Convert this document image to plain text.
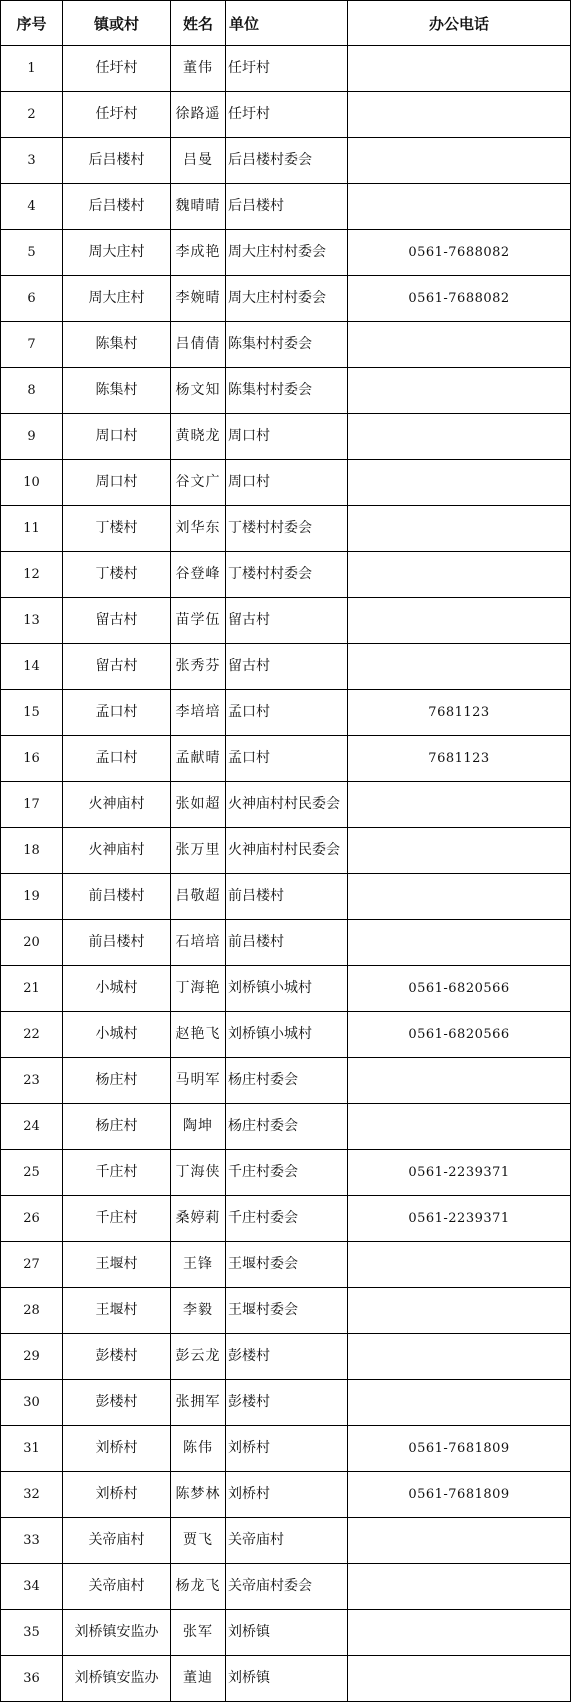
序号	镇或村	姓名	单位	办公电话
1	任圩村	董伟	任圩村	
2	任圩村	徐路遥	任圩村	
3	后吕楼村	吕曼	后吕楼村委会	
4	后吕楼村	魏晴晴	后吕楼村	
5	周大庄村	李成艳	周大庄村村委会	0561-7688082
6	周大庄村	李婉晴	周大庄村村委会	0561-7688082
7	陈集村	吕倩倩	陈集村村委会	
8	陈集村	杨文知	陈集村村委会	
9	周口村	黄晓龙	周口村	
10	周口村	谷文广	周口村	
11	丁楼村	刘华东	丁楼村村委会	
12	丁楼村	谷登峰	丁楼村村委会	
13	留古村	苗学伍	留古村	
14	留古村	张秀芬	留古村	
15	孟口村	李培培	孟口村	7681123
16	孟口村	孟献晴	孟口村	7681123
17	火神庙村	张如超	火神庙村村民委会	
18	火神庙村	张万里	火神庙村村民委会	
19	前吕楼村	吕敬超	前吕楼村	
20	前吕楼村	石培培	前吕楼村	
21	小城村	丁海艳	刘桥镇小城村	0561-6820566
22	小城村	赵艳飞	刘桥镇小城村	0561-6820566
23	杨庄村	马明军	杨庄村委会	
24	杨庄村	陶坤	杨庄村委会	
25	千庄村	丁海侠	千庄村委会	0561-2239371
26	千庄村	桑婷莉	千庄村委会	0561-2239371
27	王堰村	王锋	王堰村委会	
28	王堰村	李毅	王堰村委会	
29	彭楼村	彭云龙	彭楼村	
30	彭楼村	张拥军	彭楼村	
31	刘桥村	陈伟	刘桥村	0561-7681809
32	刘桥村	陈梦林	刘桥村	0561-7681809
33	关帝庙村	贾飞	关帝庙村	
34	关帝庙村	杨龙飞	关帝庙村委会	
35	刘桥镇安监办	张军	刘桥镇	
36	刘桥镇安监办	董迪	刘桥镇	
